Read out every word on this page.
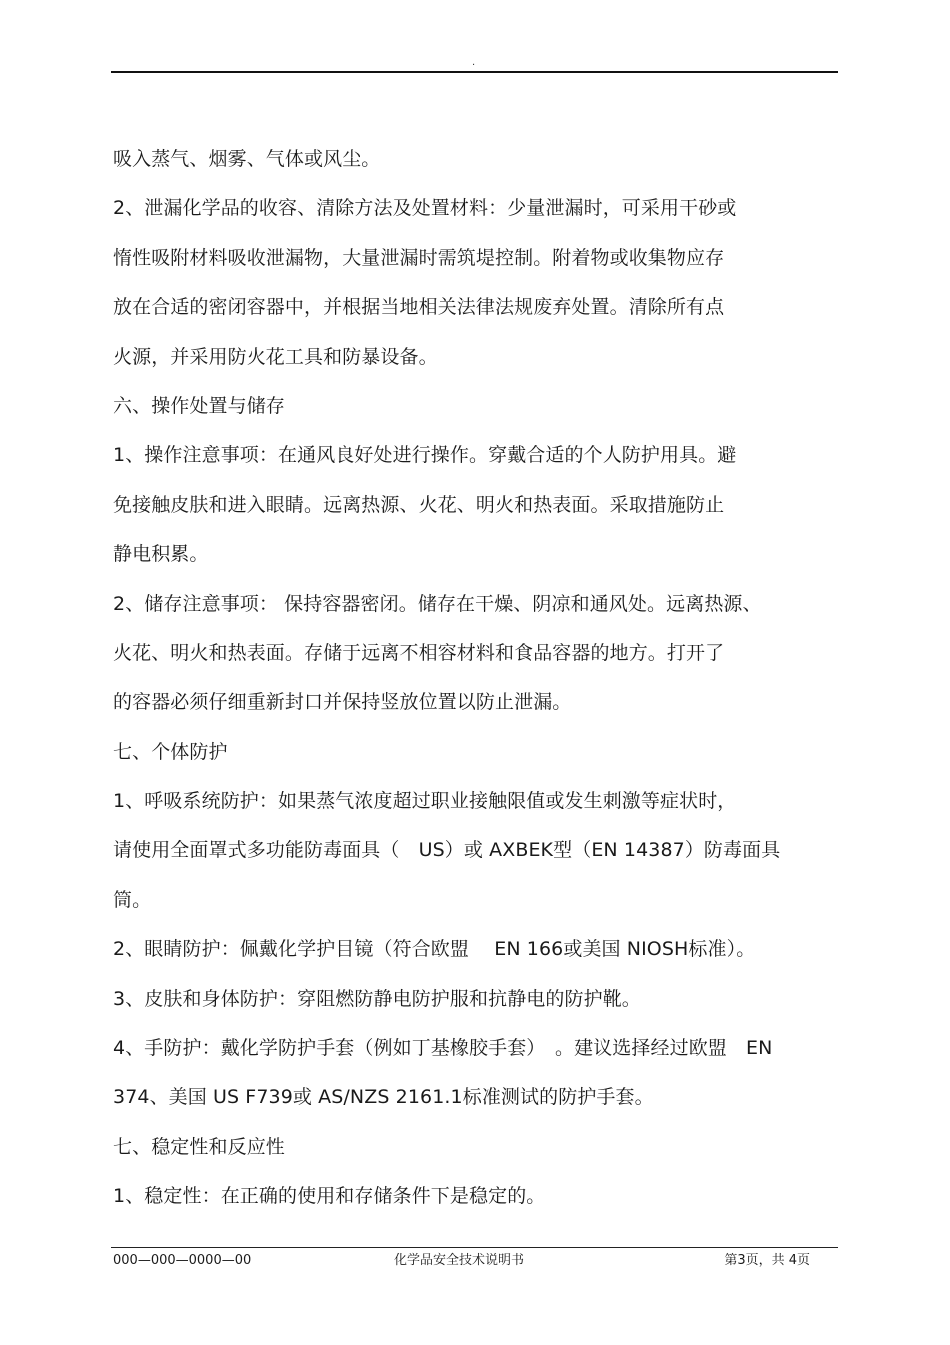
.
吸入蒸气、烟雾、气体或风尘。
2、泄漏化学品的收容、清除方法及处置材料：少量泄漏时，可采用干砂或
惰性吸附材料吸收泄漏物，大量泄漏时需筑堤控制。附着物或收集物应存
放在合适的密闭容器中，并根据当地相关法律法规废弃处置。清除所有点
火源，并采用防火花工具和防暴设备。
六、操作处置与储存
1、操作注意事项：在通风良好处进行操作。穿戴合适的个人防护用具。避
免接触皮肤和进入眼睛。远离热源、火花、明火和热表面。采取措施防止
静电积累。
2、储存注意事项： 保持容器密闭。储存在干燥、阴凉和通风处。远离热源、
火花、明火和热表面。存储于远离不相容材料和食品容器的地方。打开了
的容器必须仔细重新封口并保持竖放位置以防止泄漏。
七、个体防护
1、呼吸系统防护：如果蒸气浓度超过职业接触限值或发生刺激等症状时，
请使用全面罩式多功能防毒面具（　US）或 AXBEK型（EN 14387）防毒面具
筒。
2、眼睛防护：佩戴化学护目镜（符合欧盟　 EN 166或美国 NIOSH标准）。
3、皮肤和身体防护：穿阻燃防静电防护服和抗静电的防护靴。
4、手防护：戴化学防护手套（例如丁基橡胶手套）　。建议选择经过欧盟　EN
374、美国 US F739或 AS/NZS 2161.1标准测试的防护手套。
七、稳定性和反应性
1、稳定性：在正确的使用和存储条件下是稳定的。
000—000—0000—00	化学品安全技术说明书	第3页，共 4页
